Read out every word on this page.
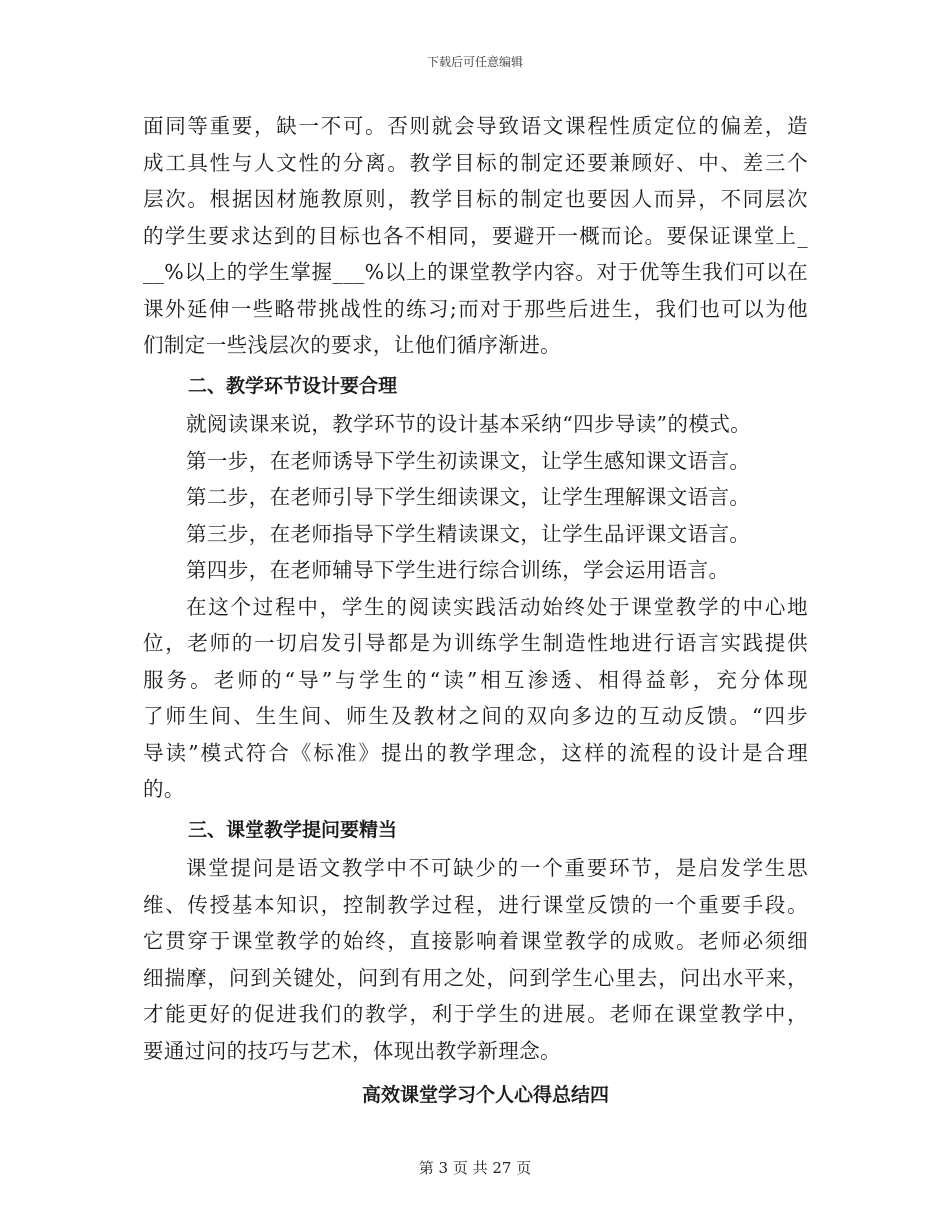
下载后可任意编辑
面同等重要，缺一不可。否则就会导致语文课程性质定位的偏差，造
成工具性与人文性的分离。教学目标的制定还要兼顾好、中、差三个
层次。根据因材施教原则，教学目标的制定也要因人而异，不同层次
的学生要求达到的目标也各不相同，要避开一概而论。要保证课堂上_
__%以上的学生掌握___%以上的课堂教学内容。对于优等生我们可以在
课外延伸一些略带挑战性的练习;而对于那些后进生，我们也可以为他
们制定一些浅层次的要求，让他们循序渐进。
二、教学环节设计要合理
就阅读课来说，教学环节的设计基本采纳“四步导读”的模式。
第一步，在老师诱导下学生初读课文，让学生感知课文语言。
第二步，在老师引导下学生细读课文，让学生理解课文语言。
第三步，在老师指导下学生精读课文，让学生品评课文语言。
第四步，在老师辅导下学生进行综合训练，学会运用语言。
在这个过程中，学生的阅读实践活动始终处于课堂教学的中心地
位，老师的一切启发引导都是为训练学生制造性地进行语言实践提供
服务。老师的“导”与学生的“读”相互渗透、相得益彰，充分体现
了师生间、生生间、师生及教材之间的双向多边的互动反馈。“四步
导读”模式符合《标准》提出的教学理念，这样的流程的设计是合理
的。
三、课堂教学提问要精当
课堂提问是语文教学中不可缺少的一个重要环节，是启发学生思
维、传授基本知识，控制教学过程，进行课堂反馈的一个重要手段。
它贯穿于课堂教学的始终，直接影响着课堂教学的成败。老师必须细
细揣摩，问到关键处，问到有用之处，问到学生心里去，问出水平来，
才能更好的促进我们的教学，利于学生的进展。老师在课堂教学中，
要通过问的技巧与艺术，体现出教学新理念。
高效课堂学习个人心得总结四
第 3 页 共 27 页
